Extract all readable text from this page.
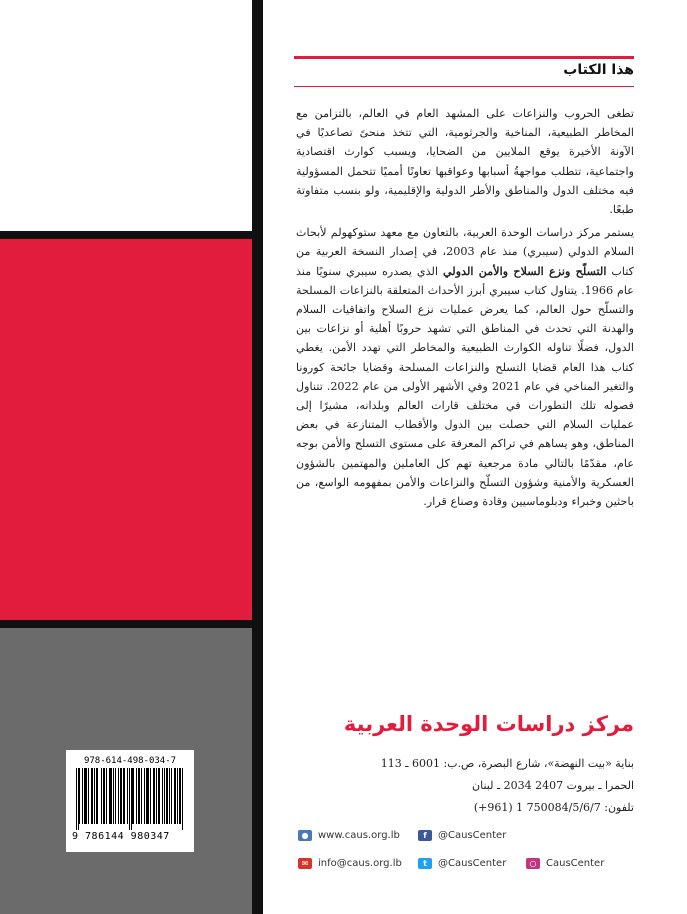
978-614-498-034-7
9 786144 980347
هذا الكتاب

تطغى الحروب والنزاعات على المشهد العام في العالم، بالتزامن مع المخاطر الطبيعية، المناخية والجرثومية، التي تتخذ منحىً تصاعديًا في الآونة الأخيرة يوقع الملايين من الضحايا، ويسبب كوارث اقتصادية واجتماعية، تتطلب مواجهةُ أسبابها وعواقبها تعاونًا أمميًا تتحمل المسؤولية فيه مختلف الدول والمناطق والأطر الدولية والإقليمية، ولو بنسب متفاوتة طبعًا.

يستمر مركز دراسات الوحدة العربية، بالتعاون مع معهد ستوكهولم لأبحاث السلام الدولي (سيبري) منذ عام 2003، في إصدار النسخة العربية من كتاب التسلّح ونزع السلاح والأمن الدولي الذي يصدره سيبري سنويًا منذ عام 1966. يتناول كتاب سيبري أبرز الأحداث المتعلقة بالنزاعات المسلحة والتسلّح حول العالم، كما يعرض عمليات نزع السلاح واتفاقيات السلام والهدنة التي تحدث في المناطق التي تشهد حروبًا أهلية أو نزاعات بين الدول، فضلًا تناوله الكوارث الطبيعية والمخاطر التي تهدد الأمن. يغطي كتاب هذا العام قضايا التسلح والنزاعات المسلحة وقضايا جائحة كورونا والتغير المناخي في عام 2021 وفي الأشهر الأولى من عام 2022. تتناول فصوله تلك التطورات في مختلف قارات العالم وبلدانه، مشيرًا إلى عمليات السلام التي حصلت بين الدول والأقطاب المتنازعة في بعض المناطق، وهو يساهم في تراكم المعرفة على مستوى التسلح والأمن بوجه عام، مقدّمًا بالتالي مادة مرجعية تهم كل العاملين والمهتمين بالشؤون العسكرية والأمنية وشؤون التسلّح والنزاعات والأمن بمفهومه الواسع، من باحثين وخبراء ودبلوماسيين وقادة وصناع قرار.

مركز دراسات الوحدة العربية
بناية «بيت النهضة»، شارع البصرة، ص.ب: 6001 ـ 113
الحمرا ـ بيروت 2407 2034 ـ لبنان
تلفون: 750084/5/6/7 1 (961+)
● www.caus.org.lb	f	@CausCenter
✉ info@caus.org.lb	t	@CausCenter	○ CausCenter
